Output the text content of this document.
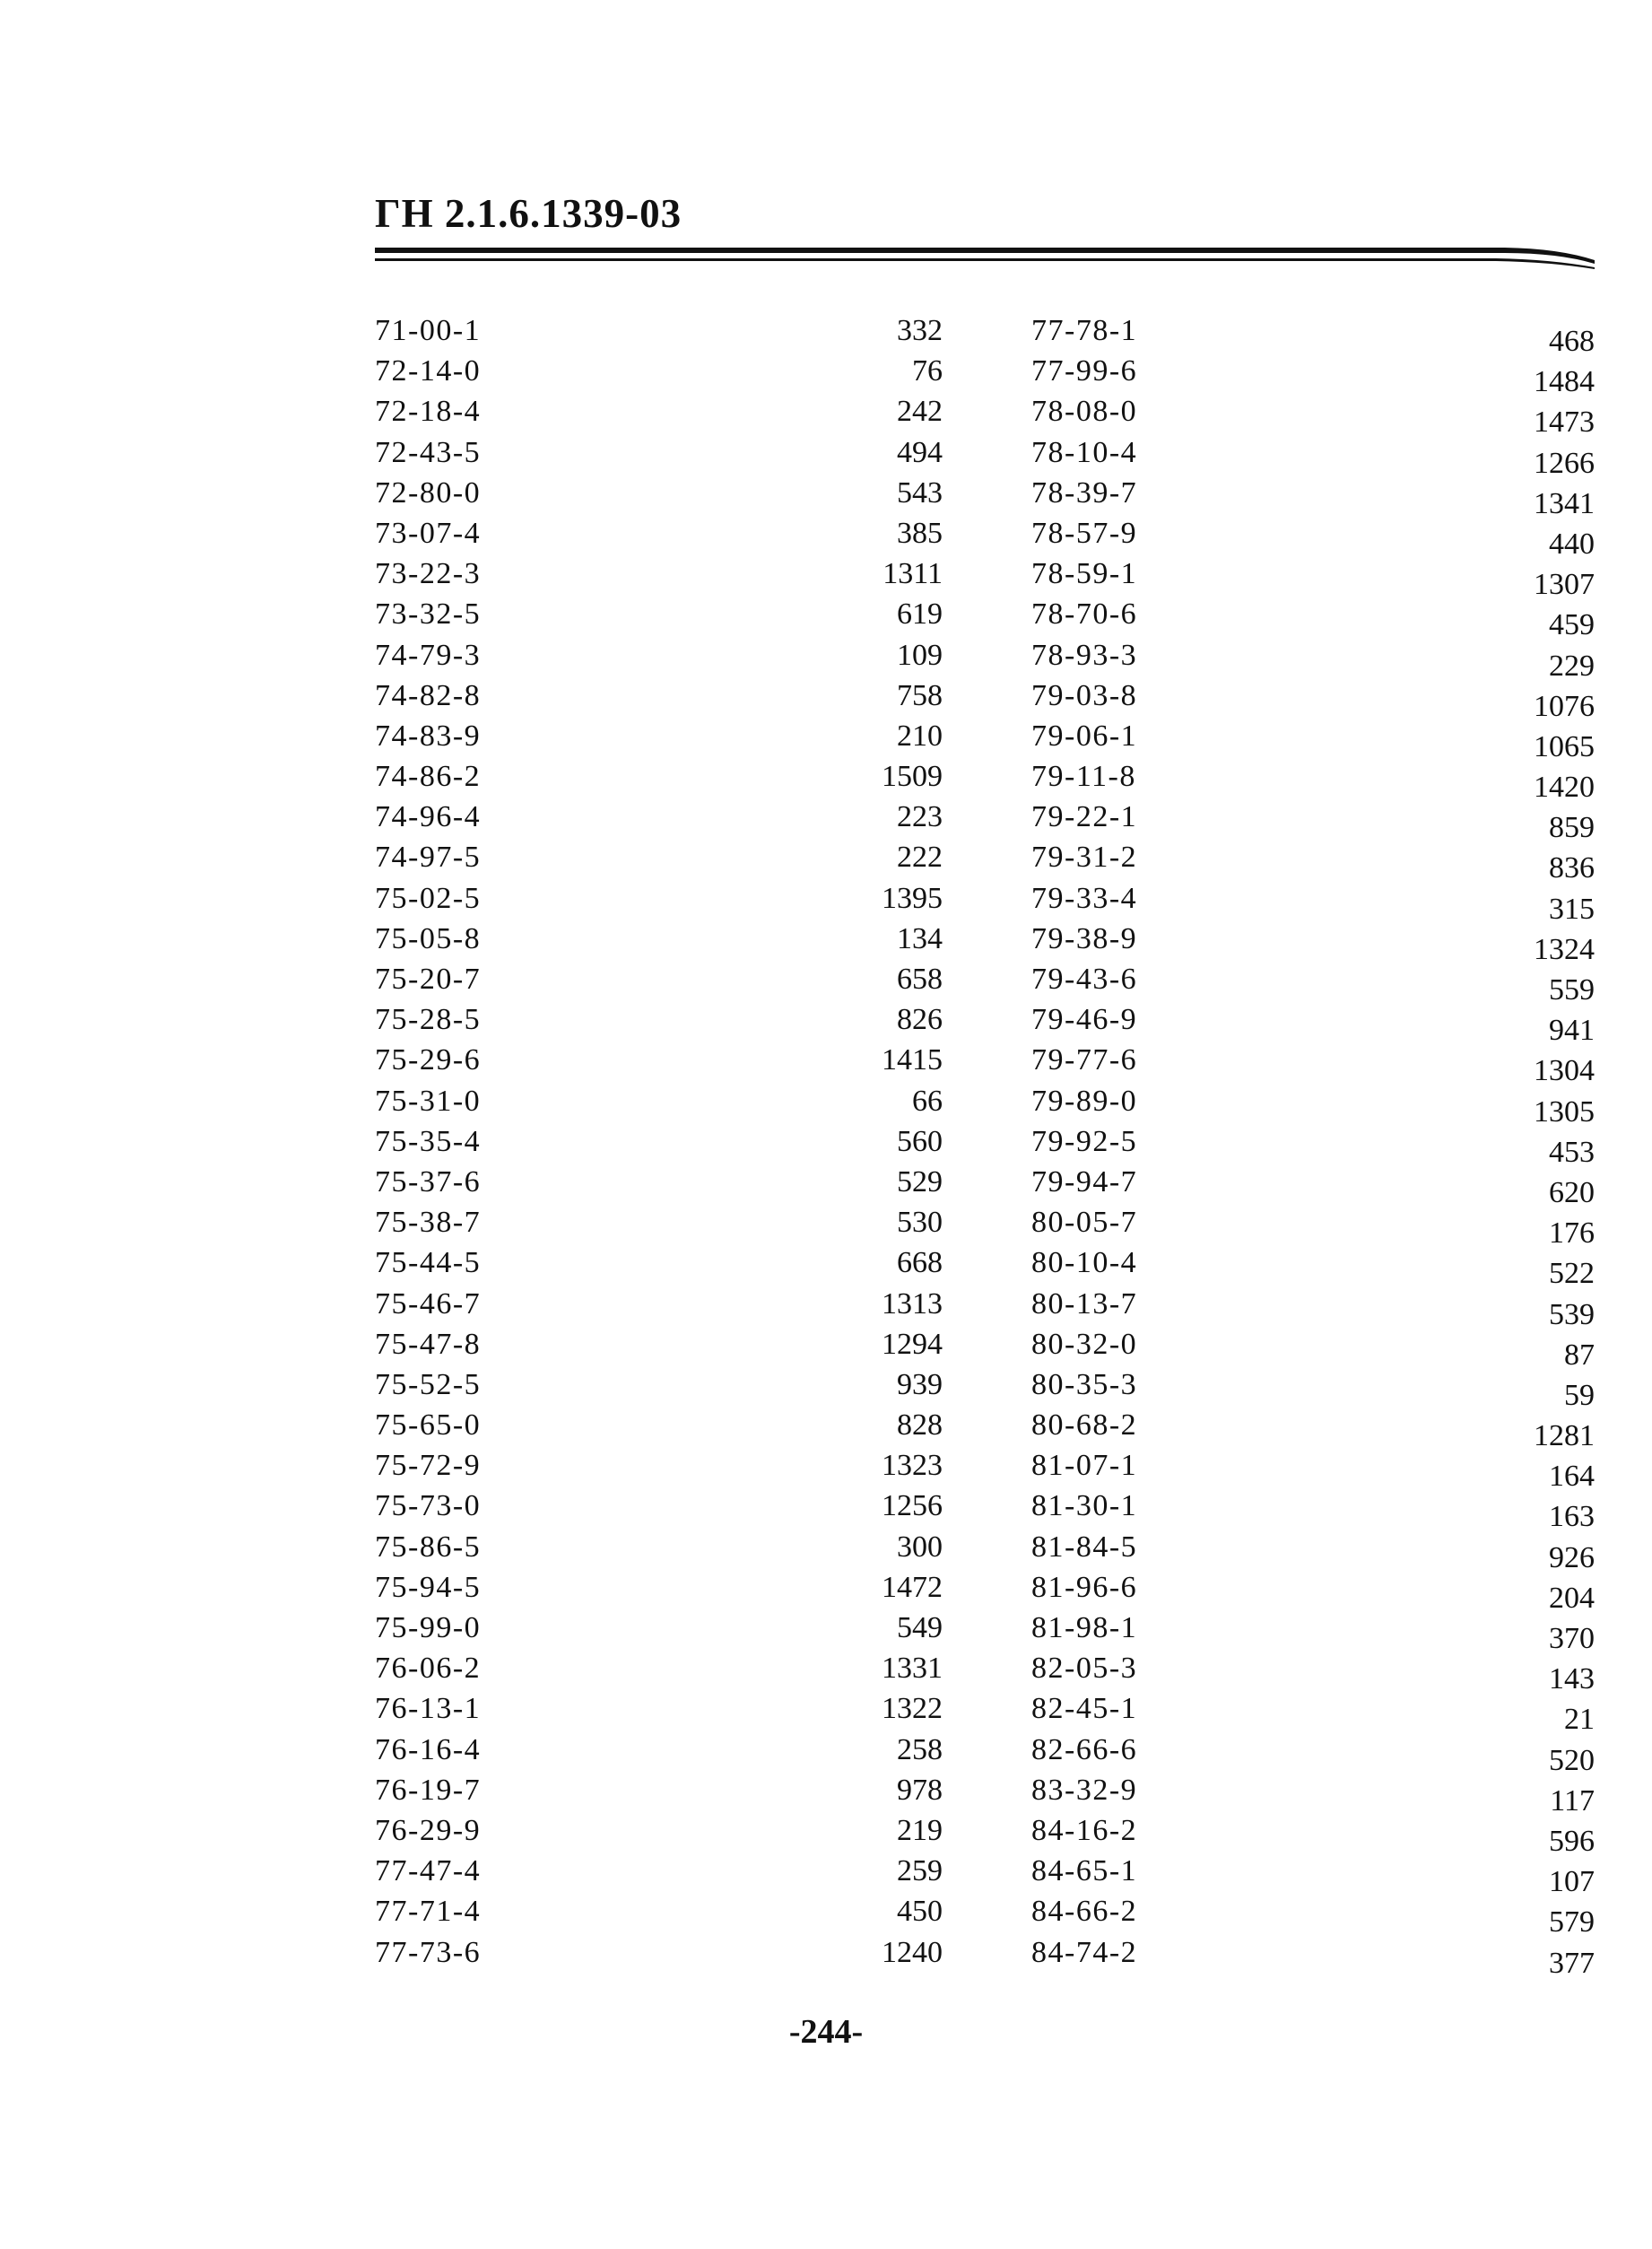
ГН 2.1.6.1339-03
71-00-1	332
72-14-0	76
72-18-4	242
72-43-5	494
72-80-0	543
73-07-4	385
73-22-3	1311
73-32-5	619
74-79-3	109
74-82-8	758
74-83-9	210
74-86-2	1509
74-96-4	223
74-97-5	222
75-02-5	1395
75-05-8	134
75-20-7	658
75-28-5	826
75-29-6	1415
75-31-0	66
75-35-4	560
75-37-6	529
75-38-7	530
75-44-5	668
75-46-7	1313
75-47-8	1294
75-52-5	939
75-65-0	828
75-72-9	1323
75-73-0	1256
75-86-5	300
75-94-5	1472
75-99-0	549
76-06-2	1331
76-13-1	1322
76-16-4	258
76-19-7	978
76-29-9	219
77-47-4	259
77-71-4	450
77-73-6	1240
77-78-1	468
77-99-6	1484
78-08-0	1473
78-10-4	1266
78-39-7	1341
78-57-9	440
78-59-1	1307
78-70-6	459
78-93-3	229
79-03-8	1076
79-06-1	1065
79-11-8	1420
79-22-1	859
79-31-2	836
79-33-4	315
79-38-9	1324
79-43-6	559
79-46-9	941
79-77-6	1304
79-89-0	1305
79-92-5	453
79-94-7	620
80-05-7	176
80-10-4	522
80-13-7	539
80-32-0	87
80-35-3	59
80-68-2	1281
81-07-1	164
81-30-1	163
81-84-5	926
81-96-6	204
81-98-1	370
82-05-3	143
82-45-1	21
82-66-6	520
83-32-9	117
84-16-2	596
84-65-1	107
84-66-2	579
84-74-2	377
-244-
